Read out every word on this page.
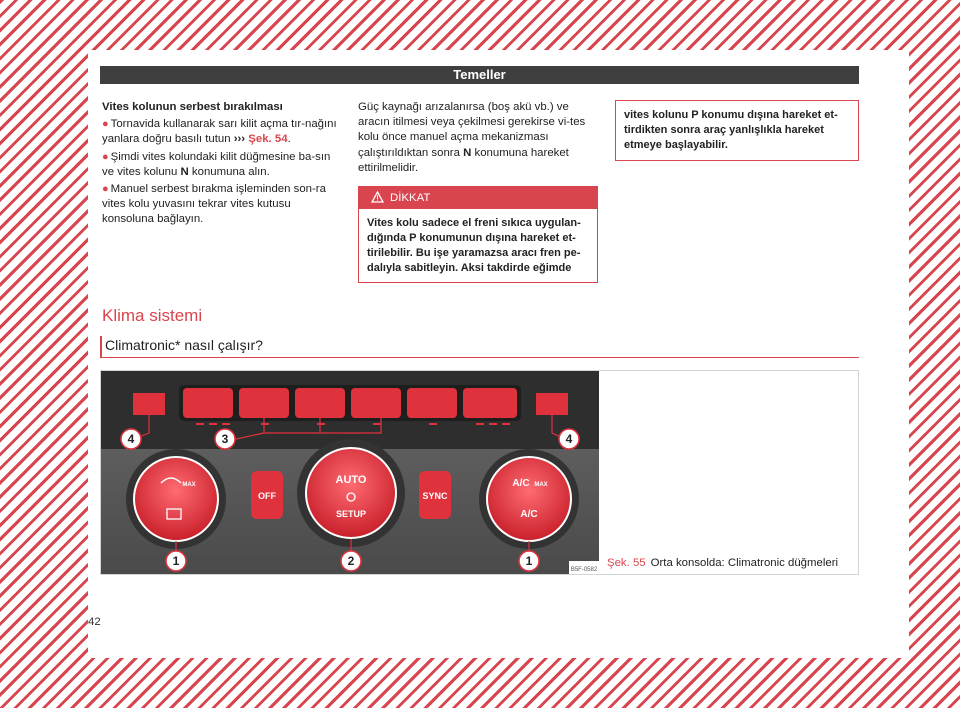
Temeller
Vites kolunun serbest bırakılması
● Tornavida kullanarak sarı kilit açma tır-nağını yanlara doğru basılı tutun ››› Şek. 54.
● Şimdi vites kolundaki kilit düğmesine ba-sın ve vites kolunu N konumuna alın.
● Manuel serbest bırakma işleminden son-ra vites kolu yuvasını tekrar vites kutusu konsoluna bağlayın.
Güç kaynağı arızalanırsa (boş akü vb.) ve aracın itilmesi veya çekilmesi gerekirse vi-tes kolu önce manuel açma mekanizması çalıştırıldıktan sonra N konumuna hareket ettirilmelidir.
DİKKAT
Vites kolu sadece el freni sıkıca uygulan-dığında P konumunun dışına hareket et-tirilebilir. Bu işe yaramazsa aracı fren pe-dalıyla sabitleyin. Aksi takdirde eğimde
vites kolunu P konumu dışına hareket et-tirdikten sonra araç yanlışlıkla hareket etmeye başlayabilir.
Klima sistemi
Climatronic* nasıl çalışır?
OFF	SYNC
AUTO
SETUP
MAX	A/C MAX
A/C
4	3	4
1	2	1
B5F-0582
Şek. 55 Orta konsolda: Climatronic düğmeleri
42
